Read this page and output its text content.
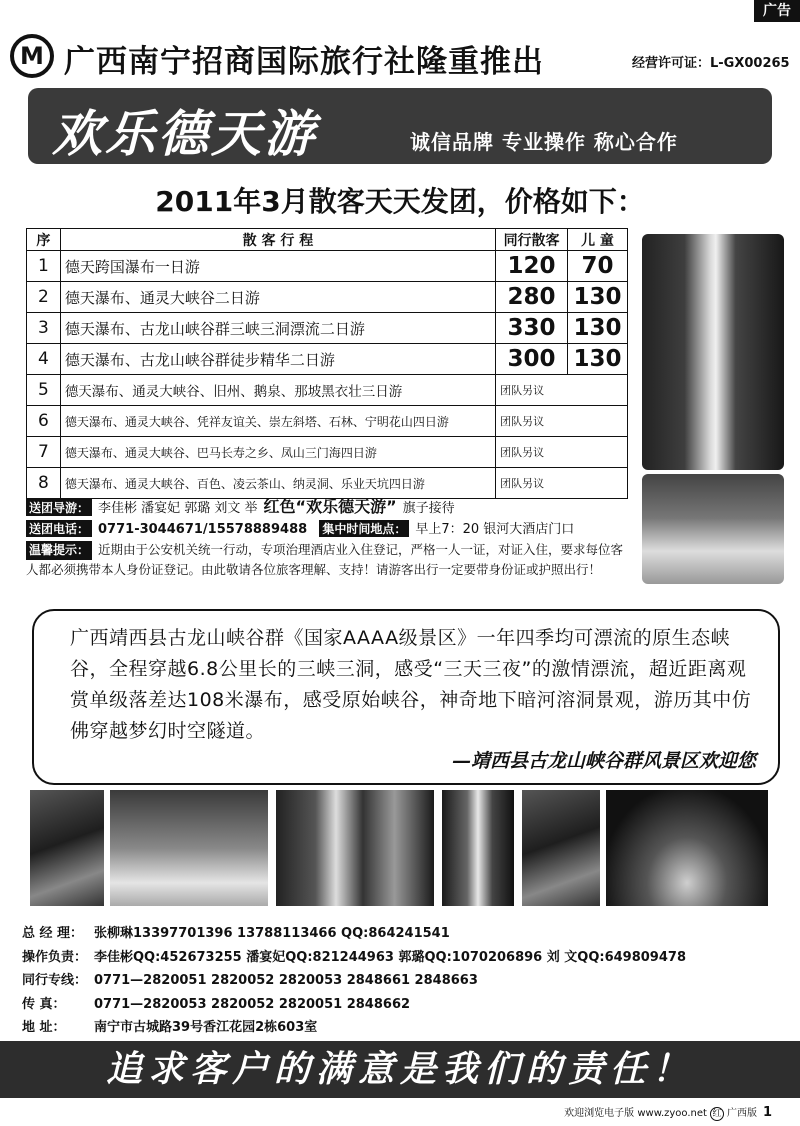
广告
M 广西南宁招商国际旅行社隆重推出	经营许可证：L-GX00265
欢乐德天游	诚信品牌 专业操作 称心合作
2011年3月散客天天发团，价格如下：
序	散 客 行 程	同行散客	儿 童
1	德天跨国瀑布一日游	120	70
2	德天瀑布、通灵大峡谷二日游	280	130
3	德天瀑布、古龙山峡谷群三峡三洞漂流二日游	330	130
4	德天瀑布、古龙山峡谷群徒步精华二日游	300	130
5	德天瀑布、通灵大峡谷、旧州、鹅泉、那坡黑衣壮三日游	团队另议	
6	德天瀑布、通灵大峡谷、凭祥友谊关、崇左斜塔、石林、宁明花山四日游	团队另议	
7	德天瀑布、通灵大峡谷、巴马长寿之乡、凤山三门海四日游	团队另议	
8	德天瀑布、通灵大峡谷、百色、凌云茶山、纳灵洞、乐业天坑四日游	团队另议	
送团导游： 李佳彬 潘宴妃 郭璐 刘文 举 红色“欢乐德天游” 旗子接待
送团电话： 0771-3044671/15578889488 集中时间地点： 早上7：20 银河大酒店门口
温馨提示： 近期由于公安机关统一行动，专项治理酒店业入住登记，严格一人一证，对证入住，要求每位客人都必须携带本人身份证登记。由此敬请各位旅客理解、支持！请游客出行一定要带身份证或护照出行！
广西靖西县古龙山峡谷群《国家AAAA级景区》一年四季均可漂流的原生态峡谷，全程穿越6.8公里长的三峡三洞，感受“三天三夜”的激情漂流，超近距离观赏单级落差达108米瀑布，感受原始峡谷，神奇地下暗河溶洞景观，游历其中仿佛穿越梦幻时空隧道。
—靖西县古龙山峡谷群风景区欢迎您
总 经 理： 张柳琳13397701396 13788113466 QQ:864241541
操作负责： 李佳彬QQ:452673255 潘宴妃QQ:821244963 郭璐QQ:1070206896 刘 文QQ:649809478
同行专线： 0771—2820051 2820052 2820053 2848661 2848663
传 真： 0771—2820053 2820052 2820051 2848662
地 址： 南宁市古城路39号香江花园2栋603室
追求客户的满意是我们的责任！
欢迎浏览电子版 www.zyoo.net 红 广西版 1
